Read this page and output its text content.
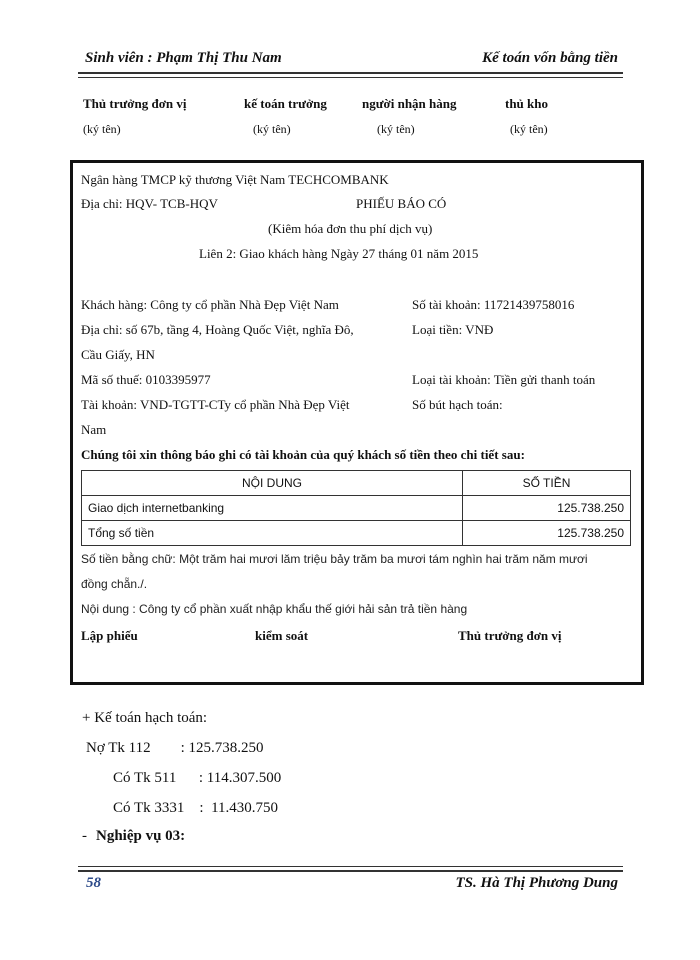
Sinh viên : Phạm Thị Thu Nam	Kế toán vốn bằng tiền
Thủ trưởng đơn vị	kế toán trưởng	người nhận hàng	thủ kho
(ký tên)	(ký tên)	(ký tên)	(ký tên)
Ngân hàng TMCP kỹ thương Việt Nam TECHCOMBANK
Địa chỉ: HQV- TCB-HQV	PHIẾU BÁO CÓ
(Kiêm hóa đơn thu phí dịch vụ)
Liên 2: Giao khách hàng Ngày 27 tháng 01 năm 2015
Khách hàng: Công ty cổ phần Nhà Đẹp Việt Nam	Số tài khoản: 11721439758016
Địa chỉ: số 67b, tầng 4, Hoàng Quốc Việt, nghĩa Đô,	Loại tiền: VNĐ
Cầu Giấy, HN
Mã số thuế: 0103395977	Loại tài khoản: Tiền gửi thanh toán
Tài khoản: VND-TGTT-CTy cổ phần Nhà Đẹp Việt	Số bút hạch toán:
Nam
Chúng tôi xin thông báo ghi có tài khoản của quý khách số tiền theo chi tiết sau:
NỘI DUNG	SỐ TIỀN
Giao dịch internetbanking	125.738.250
Tổng số tiền	125.738.250
Số tiền bằng chữ: Một trăm hai mươi lăm triệu bảy trăm ba mươi tám nghìn hai trăm năm mươi
đồng chẵn./.
Nội dung : Công ty cổ phần xuất nhập khẩu thế giới hải sản trả tiền hàng
Lập phiếu	kiểm soát	Thủ trưởng đơn vị
+ Kế toán hạch toán:
Nợ Tk 112        : 125.738.250
Có Tk 511      : 114.307.500
Có Tk 3331    :  11.430.750
- Nghiệp vụ 03:
58	TS. Hà Thị Phương Dung
